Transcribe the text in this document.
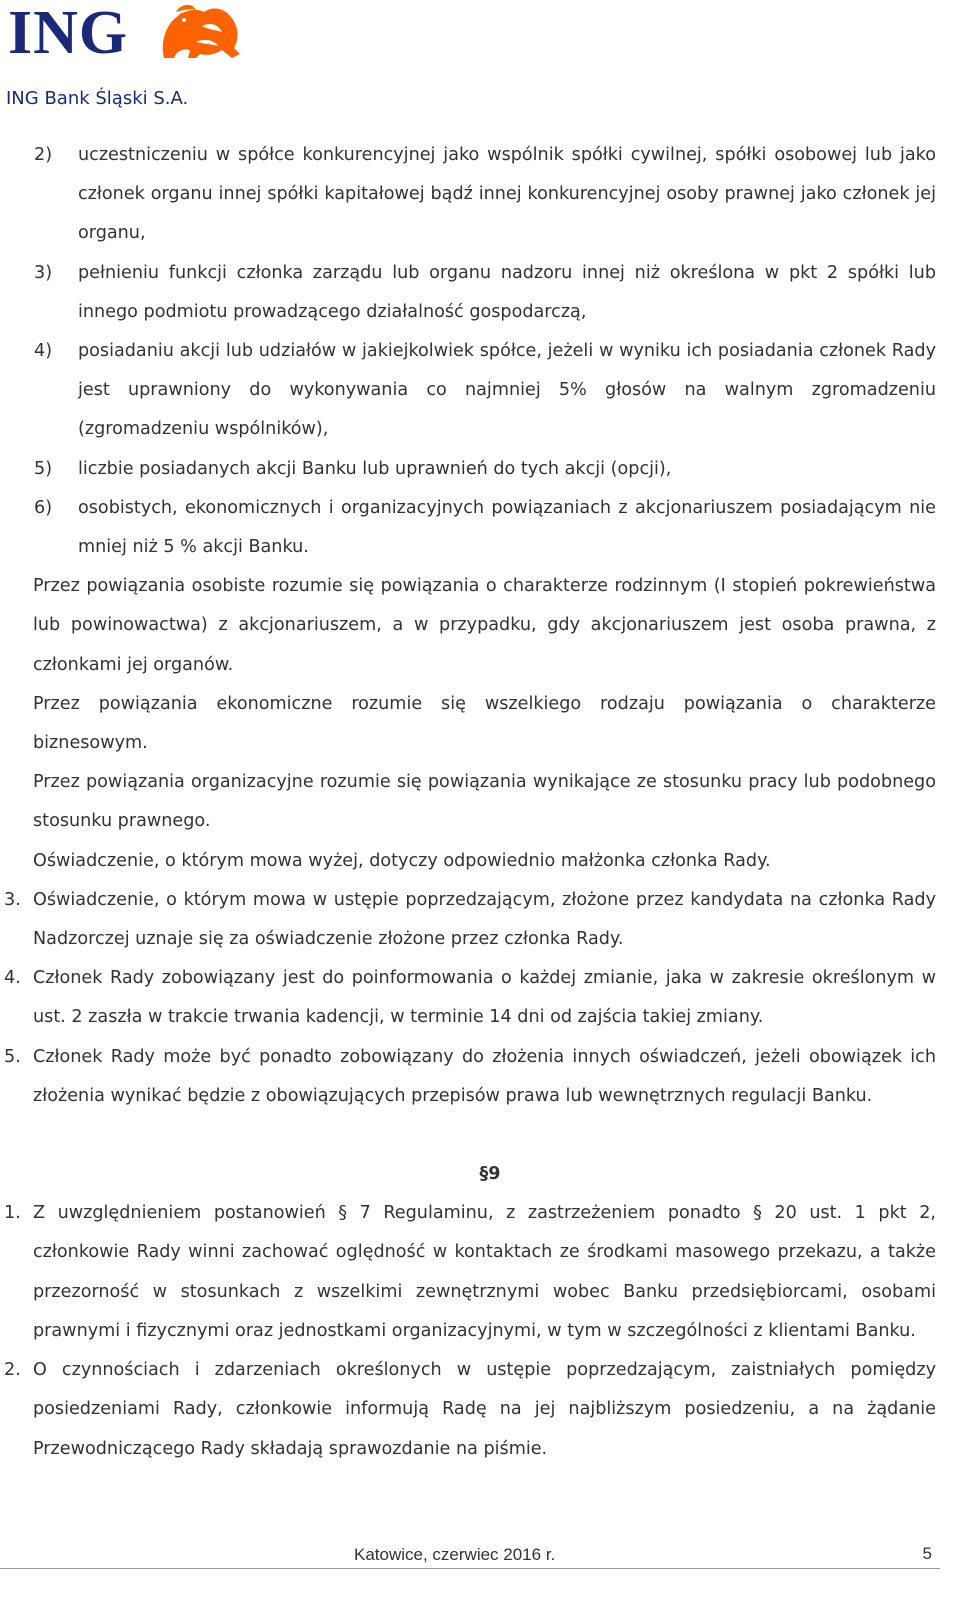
ING
ING Bank Śląski S.A.
2) uczestniczeniu w spółce konkurencyjnej jako wspólnik spółki cywilnej, spółki osobowej lub jako członek organu innej spółki kapitałowej bądź innej konkurencyjnej osoby prawnej jako członek jej organu,
3) pełnieniu funkcji członka zarządu lub organu nadzoru innej niż określona w pkt 2 spółki lub innego podmiotu prowadzącego działalność gospodarczą,
4) posiadaniu akcji lub udziałów w jakiejkolwiek spółce, jeżeli w wyniku ich posiadania członek Rady jest uprawniony do wykonywania co najmniej 5% głosów na walnym zgromadzeniu (zgromadzeniu wspólników),
5) liczbie posiadanych akcji Banku lub uprawnień do tych akcji (opcji),
6) osobistych, ekonomicznych i organizacyjnych powiązaniach z akcjonariuszem posiadającym nie mniej niż 5 % akcji Banku.
Przez powiązania osobiste rozumie się powiązania o charakterze rodzinnym (I stopień pokrewieństwa lub powinowactwa) z akcjonariuszem, a w przypadku, gdy akcjonariuszem jest osoba prawna, z członkami jej organów.
Przez powiązania ekonomiczne rozumie się wszelkiego rodzaju powiązania o charakterze biznesowym.
Przez powiązania organizacyjne rozumie się powiązania wynikające ze stosunku pracy lub podobnego stosunku prawnego.
Oświadczenie, o którym mowa wyżej, dotyczy odpowiednio małżonka członka Rady.
3. Oświadczenie, o którym mowa w ustępie poprzedzającym, złożone przez kandydata na członka Rady Nadzorczej uznaje się za oświadczenie złożone przez członka Rady.
4. Członek Rady zobowiązany jest do poinformowania o każdej zmianie, jaka w zakresie określonym w ust. 2 zaszła w trakcie trwania kadencji, w terminie 14 dni od zajścia takiej zmiany.
5. Członek Rady może być ponadto zobowiązany do złożenia innych oświadczeń, jeżeli obowiązek ich złożenia wynikać będzie z obowiązujących przepisów prawa lub wewnętrznych regulacji Banku.
§9
1. Z uwzględnieniem postanowień § 7 Regulaminu, z zastrzeżeniem ponadto § 20 ust. 1 pkt 2, członkowie Rady winni zachować oględność w kontaktach ze środkami masowego przekazu, a także przezorność w stosunkach z wszelkimi zewnętrznymi wobec Banku przedsiębiorcami, osobami prawnymi i fizycznymi oraz jednostkami organizacyjnymi, w tym w szczególności z klientami Banku.
2. O czynnościach i zdarzeniach określonych w ustępie poprzedzającym, zaistniałych pomiędzy posiedzeniami Rady, członkowie informują Radę na jej najbliższym posiedzeniu, a na żądanie Przewodniczącego Rady składają sprawozdanie na piśmie.
Katowice, czerwiec 2016 r.	5
